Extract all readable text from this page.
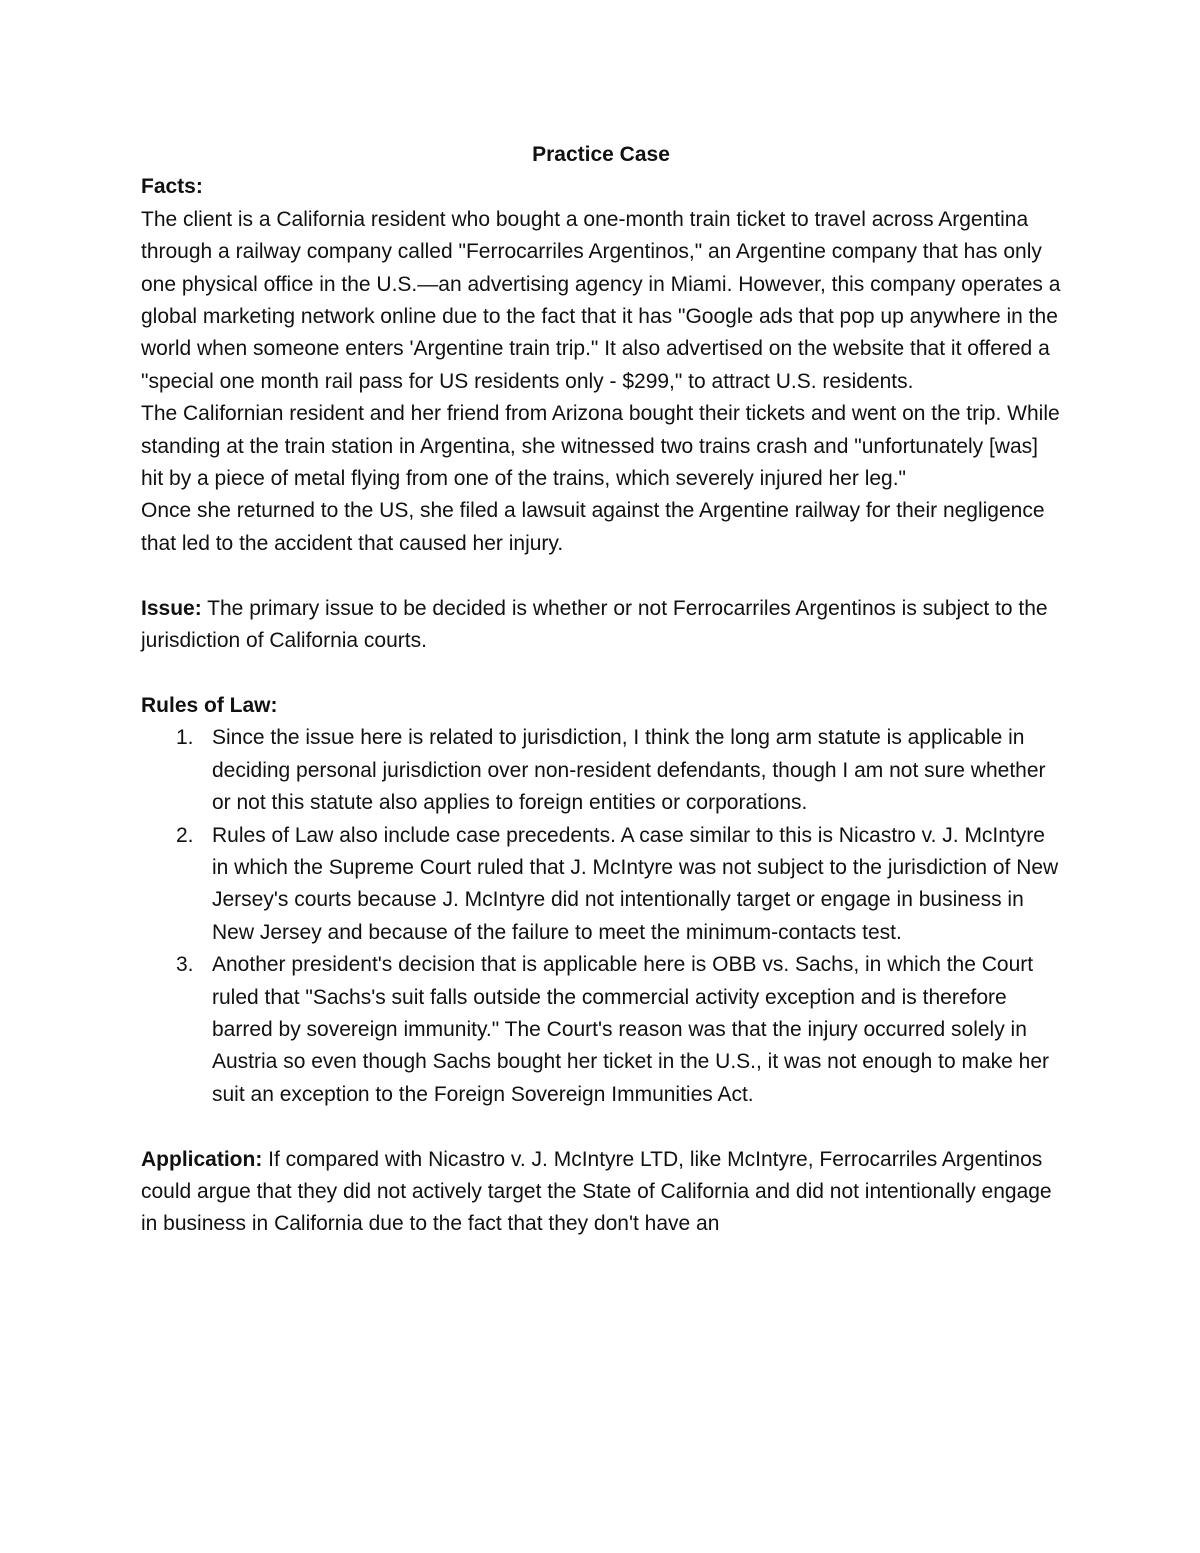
Practice Case

Facts:

The client is a California resident who bought a one-month train ticket to travel across Argentina through a railway company called "Ferrocarriles Argentinos," an Argentine company that has only one physical office in the U.S.—an advertising agency in Miami. However, this company operates a global marketing network online due to the fact that it has "Google ads that pop up anywhere in the world when someone enters 'Argentine train trip." It also advertised on the website that it offered a "special one month rail pass for US residents only - $299," to attract U.S. residents.

The Californian resident and her friend from Arizona bought their tickets and went on the trip. While standing at the train station in Argentina, she witnessed two trains crash and "unfortunately [was] hit by a piece of metal flying from one of the trains, which severely injured her leg."

Once she returned to the US, she filed a lawsuit against the Argentine railway for their negligence that led to the accident that caused her injury.

Issue: The primary issue to be decided is whether or not Ferrocarriles Argentinos is subject to the jurisdiction of California courts.

Rules of Law:

1. Since the issue here is related to jurisdiction, I think the long arm statute is applicable in deciding personal jurisdiction over non-resident defendants, though I am not sure whether or not this statute also applies to foreign entities or corporations.
2. Rules of Law also include case precedents. A case similar to this is Nicastro v. J. McIntyre in which the Supreme Court ruled that J. McIntyre was not subject to the jurisdiction of New Jersey's courts because J. McIntyre did not intentionally target or engage in business in New Jersey and because of the failure to meet the minimum-contacts test.
3. Another president's decision that is applicable here is OBB vs. Sachs, in which the Court ruled that "Sachs's suit falls outside the commercial activity exception and is therefore barred by sovereign immunity." The Court's reason was that the injury occurred solely in Austria so even though Sachs bought her ticket in the U.S., it was not enough to make her suit an exception to the Foreign Sovereign Immunities Act.

Application: If compared with Nicastro v. J. McIntyre LTD, like McIntyre, Ferrocarriles Argentinos could argue that they did not actively target the State of California and did not intentionally engage in business in California due to the fact that they don't have an
